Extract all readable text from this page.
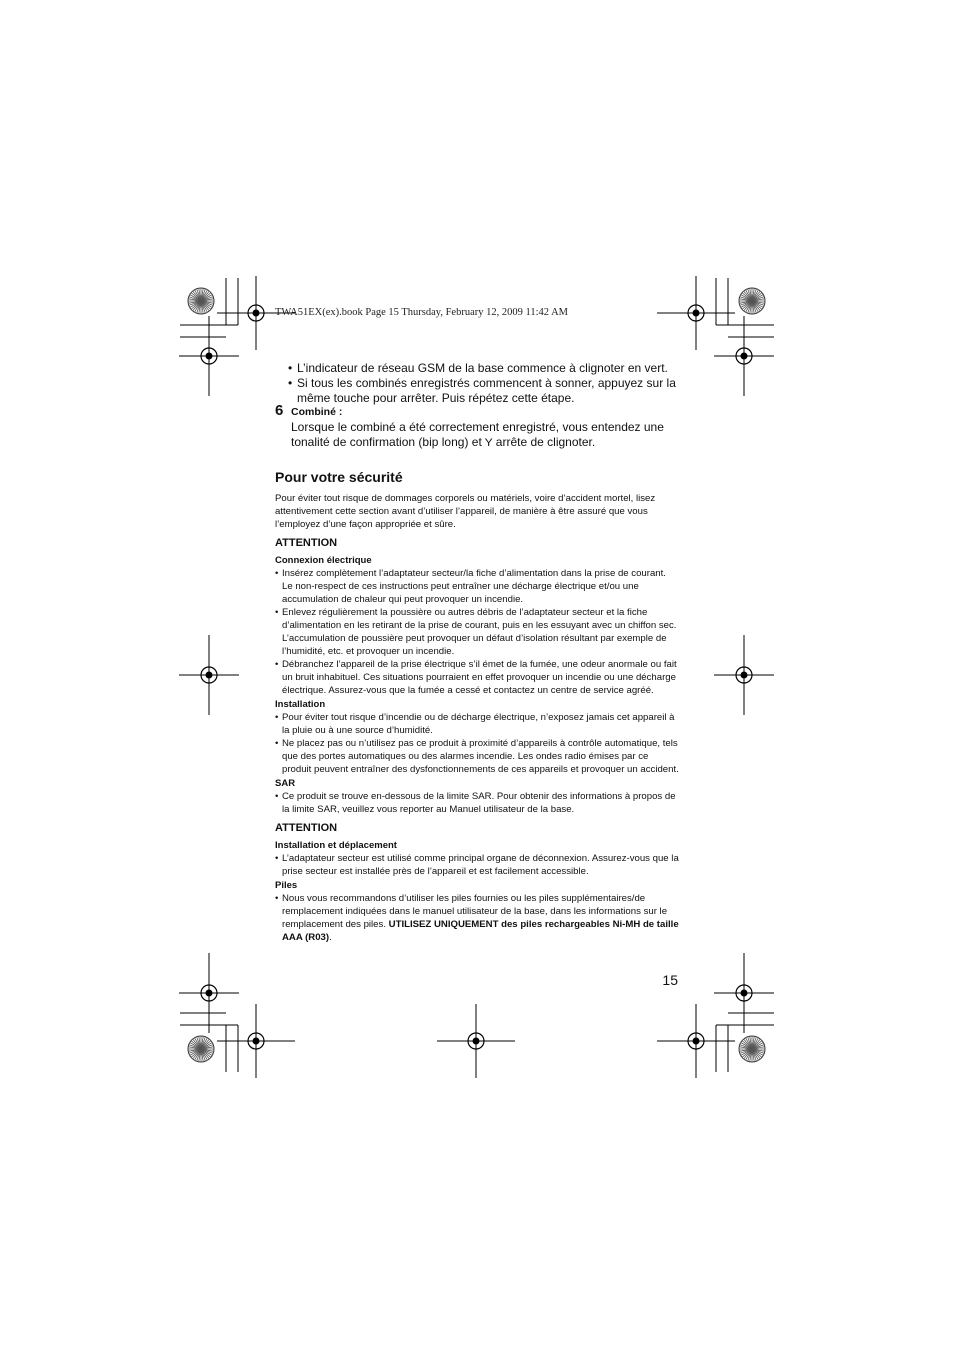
TWA51EX(ex).book Page 15 Thursday, February 12, 2009 11:42 AM
• L’indicateur de réseau GSM de la base commence à clignoter en vert.
• Si tous les combinés enregistrés commencent à sonner, appuyez sur la même touche pour arrêter. Puis répétez cette étape.
6 Combiné :
Lorsque le combiné a été correctement enregistré, vous entendez une tonalité de confirmation (bip long) et Y arrête de clignoter.
Pour votre sécurité

Pour éviter tout risque de dommages corporels ou matériels, voire d’accident mortel, lisez attentivement cette section avant d’utiliser l’appareil, de manière à être assuré que vous l’employez d’une façon appropriée et sûre.

ATTENTION
Connexion électrique
• Insérez complètement l’adaptateur secteur/la fiche d’alimentation dans la prise de courant. Le non-respect de ces instructions peut entraîner une décharge électrique et/ou une accumulation de chaleur qui peut provoquer un incendie.
• Enlevez régulièrement la poussière ou autres débris de l’adaptateur secteur et la fiche d’alimentation en les retirant de la prise de courant, puis en les essuyant avec un chiffon sec. L’accumulation de poussière peut provoquer un défaut d’isolation résultant par exemple de l’humidité, etc. et provoquer un incendie.
• Débranchez l’appareil de la prise électrique s’il émet de la fumée, une odeur anormale ou fait un bruit inhabituel. Ces situations pourraient en effet provoquer un incendie ou une décharge électrique. Assurez-vous que la fumée a cessé et contactez un centre de service agréé.
Installation
• Pour éviter tout risque d’incendie ou de décharge électrique, n’exposez jamais cet appareil à la pluie ou à une source d’humidité.
• Ne placez pas ou n’utilisez pas ce produit à proximité d’appareils à contrôle automatique, tels que des portes automatiques ou des alarmes incendie. Les ondes radio émises par ce produit peuvent entraîner des dysfonctionnements de ces appareils et provoquer un accident.
SAR
• Ce produit se trouve en-dessous de la limite SAR. Pour obtenir des informations à propos de la limite SAR, veuillez vous reporter au Manuel utilisateur de la base.
ATTENTION
Installation et déplacement
• L’adaptateur secteur est utilisé comme principal organe de déconnexion. Assurez-vous que la prise secteur est installée près de l’appareil et est facilement accessible.
Piles
• Nous vous recommandons d’utiliser les piles fournies ou les piles supplémentaires/de remplacement indiquées dans le manuel utilisateur de la base, dans les informations sur le remplacement des piles. UTILISEZ UNIQUEMENT des piles rechargeables Ni-MH de taille AAA (R03).
15
